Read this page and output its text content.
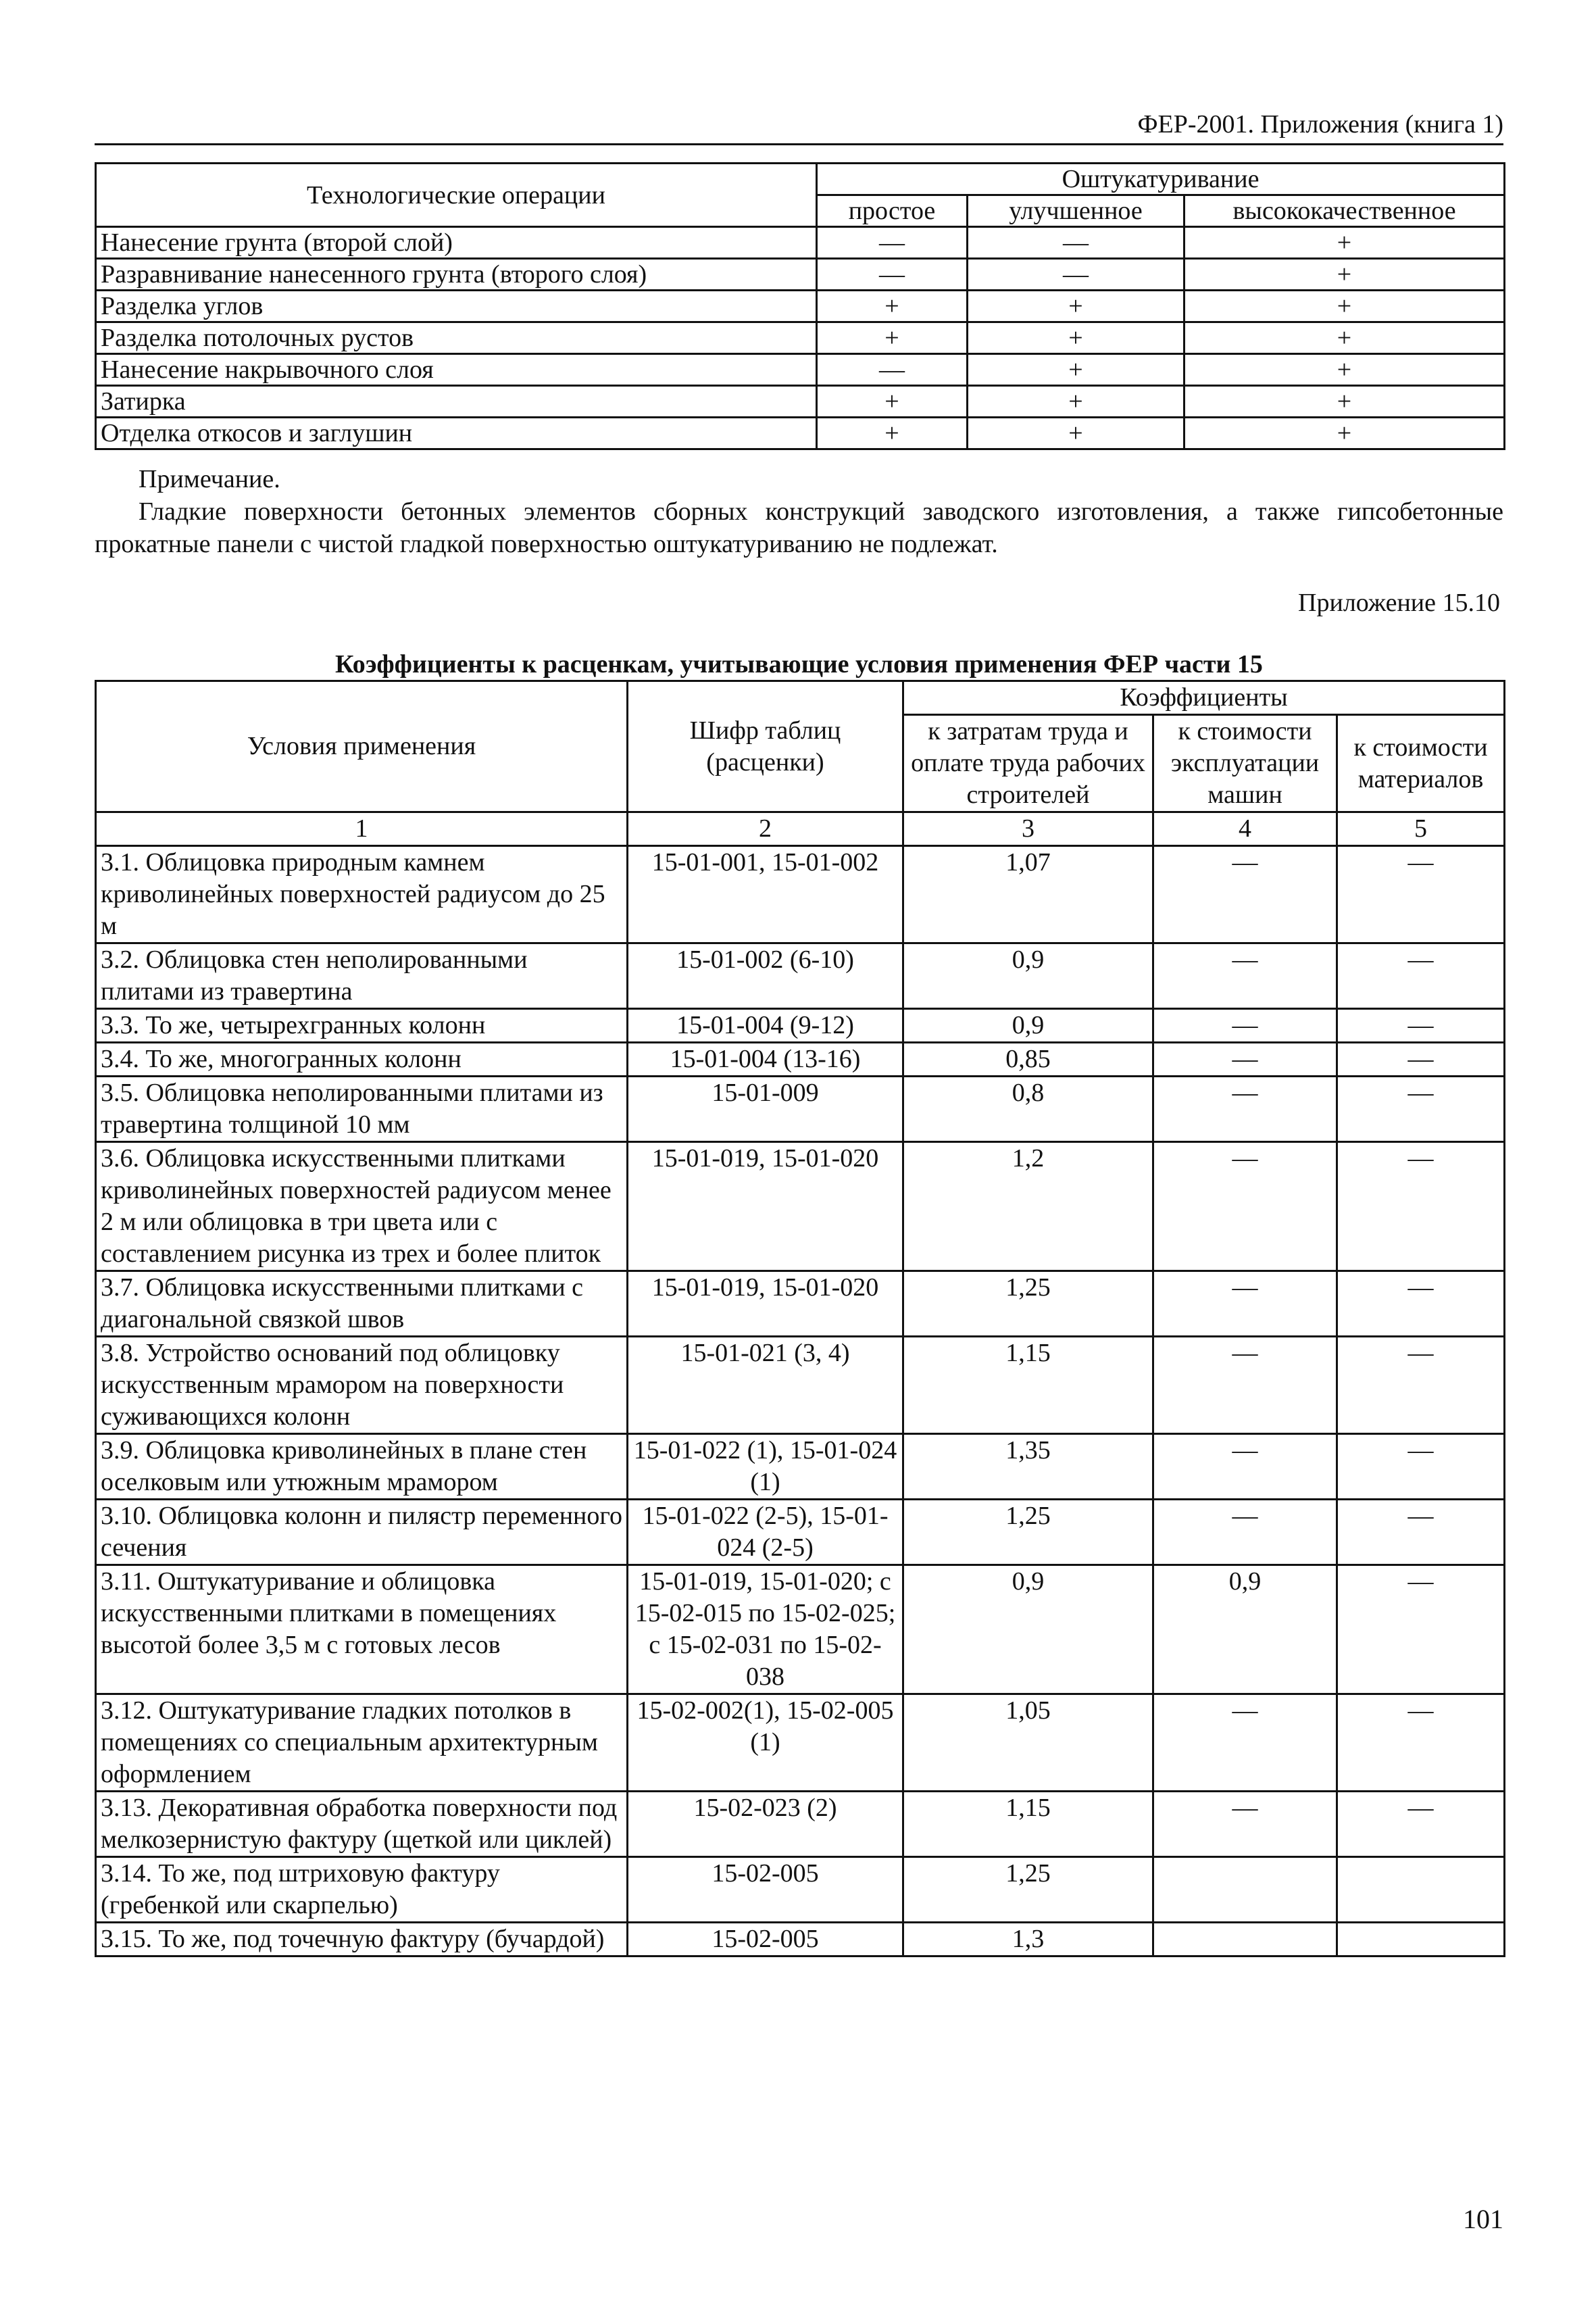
ФЕР-2001. Приложения (книга 1)
Технологические операции	Оштукатуривание		
	простое	улучшенное	высококачественное
Нанесение грунта (второй слой)	—	—	+
Разравнивание нанесенного грунта (второго слоя)	—	—	+
Разделка углов	+	+	+
Разделка потолочных рустов	+	+	+
Нанесение накрывочного слоя	—	+	+
Затирка	+	+	+
Отделка откосов и заглушин	+	+	+
Примечание.
Гладкие поверхности бетонных элементов сборных конструкций заводского изготовления, а также гипсобетонные прокатные панели с чистой гладкой поверхностью оштукатуриванию не подлежат.
Приложение 15.10
Коэффициенты к расценкам, учитывающие условия применения ФЕР части 15
Условия применения	Шифр таблиц (расценки)	Коэффициенты		
		к затратам труда и оплате труда рабочих строителей	к стоимости эксплуатации машин	к стоимости материалов
1	2	3	4	5
3.1. Облицовка природным камнем криволинейных поверхностей радиусом до 25 м	15-01-001, 15-01-002	1,07	—	—
3.2. Облицовка стен неполированными плитами из травертина	15-01-002 (6-10)	0,9	—	—
3.3. То же, четырехгранных колонн	15-01-004 (9-12)	0,9	—	—
3.4. То же, многогранных колонн	15-01-004 (13-16)	0,85	—	—
3.5. Облицовка неполированными плитами из травертина толщиной 10 мм	15-01-009	0,8	—	—
3.6. Облицовка искусственными плитками криволинейных поверхностей радиусом менее 2 м или облицовка в три цвета или с составлением рисунка из трех и более плиток	15-01-019, 15-01-020	1,2	—	—
3.7. Облицовка искусственными плитками с диагональной связкой швов	15-01-019, 15-01-020	1,25	—	—
3.8. Устройство оснований под облицовку искусственным мрамором на поверхности суживающихся колонн	15-01-021 (3, 4)	1,15	—	—
3.9. Облицовка криволинейных в плане стен оселковым или утюжным мрамором	15-01-022 (1), 15-01-024 (1)	1,35	—	—
3.10. Облицовка колонн и пилястр переменного сечения	15-01-022 (2-5), 15-01-024 (2-5)	1,25	—	—
3.11. Оштукатуривание и облицовка искусственными плитками в помещениях высотой более 3,5 м с готовых лесов	15-01-019, 15-01-020; с 15-02-015 по 15-02-025; с 15-02-031 по 15-02-038	0,9	0,9	—
3.12. Оштукатуривание гладких потолков в помещениях со специальным архитектурным оформлением	15-02-002(1), 15-02-005 (1)	1,05	—	—
3.13. Декоративная обработка поверхности под мелкозернистую фактуру (щеткой или циклей)	15-02-023 (2)	1,15	—	—
3.14. То же, под штриховую фактуру (гребенкой или скарпелью)	15-02-005	1,25		
3.15. То же, под точечную фактуру (бучардой)	15-02-005	1,3		
101
